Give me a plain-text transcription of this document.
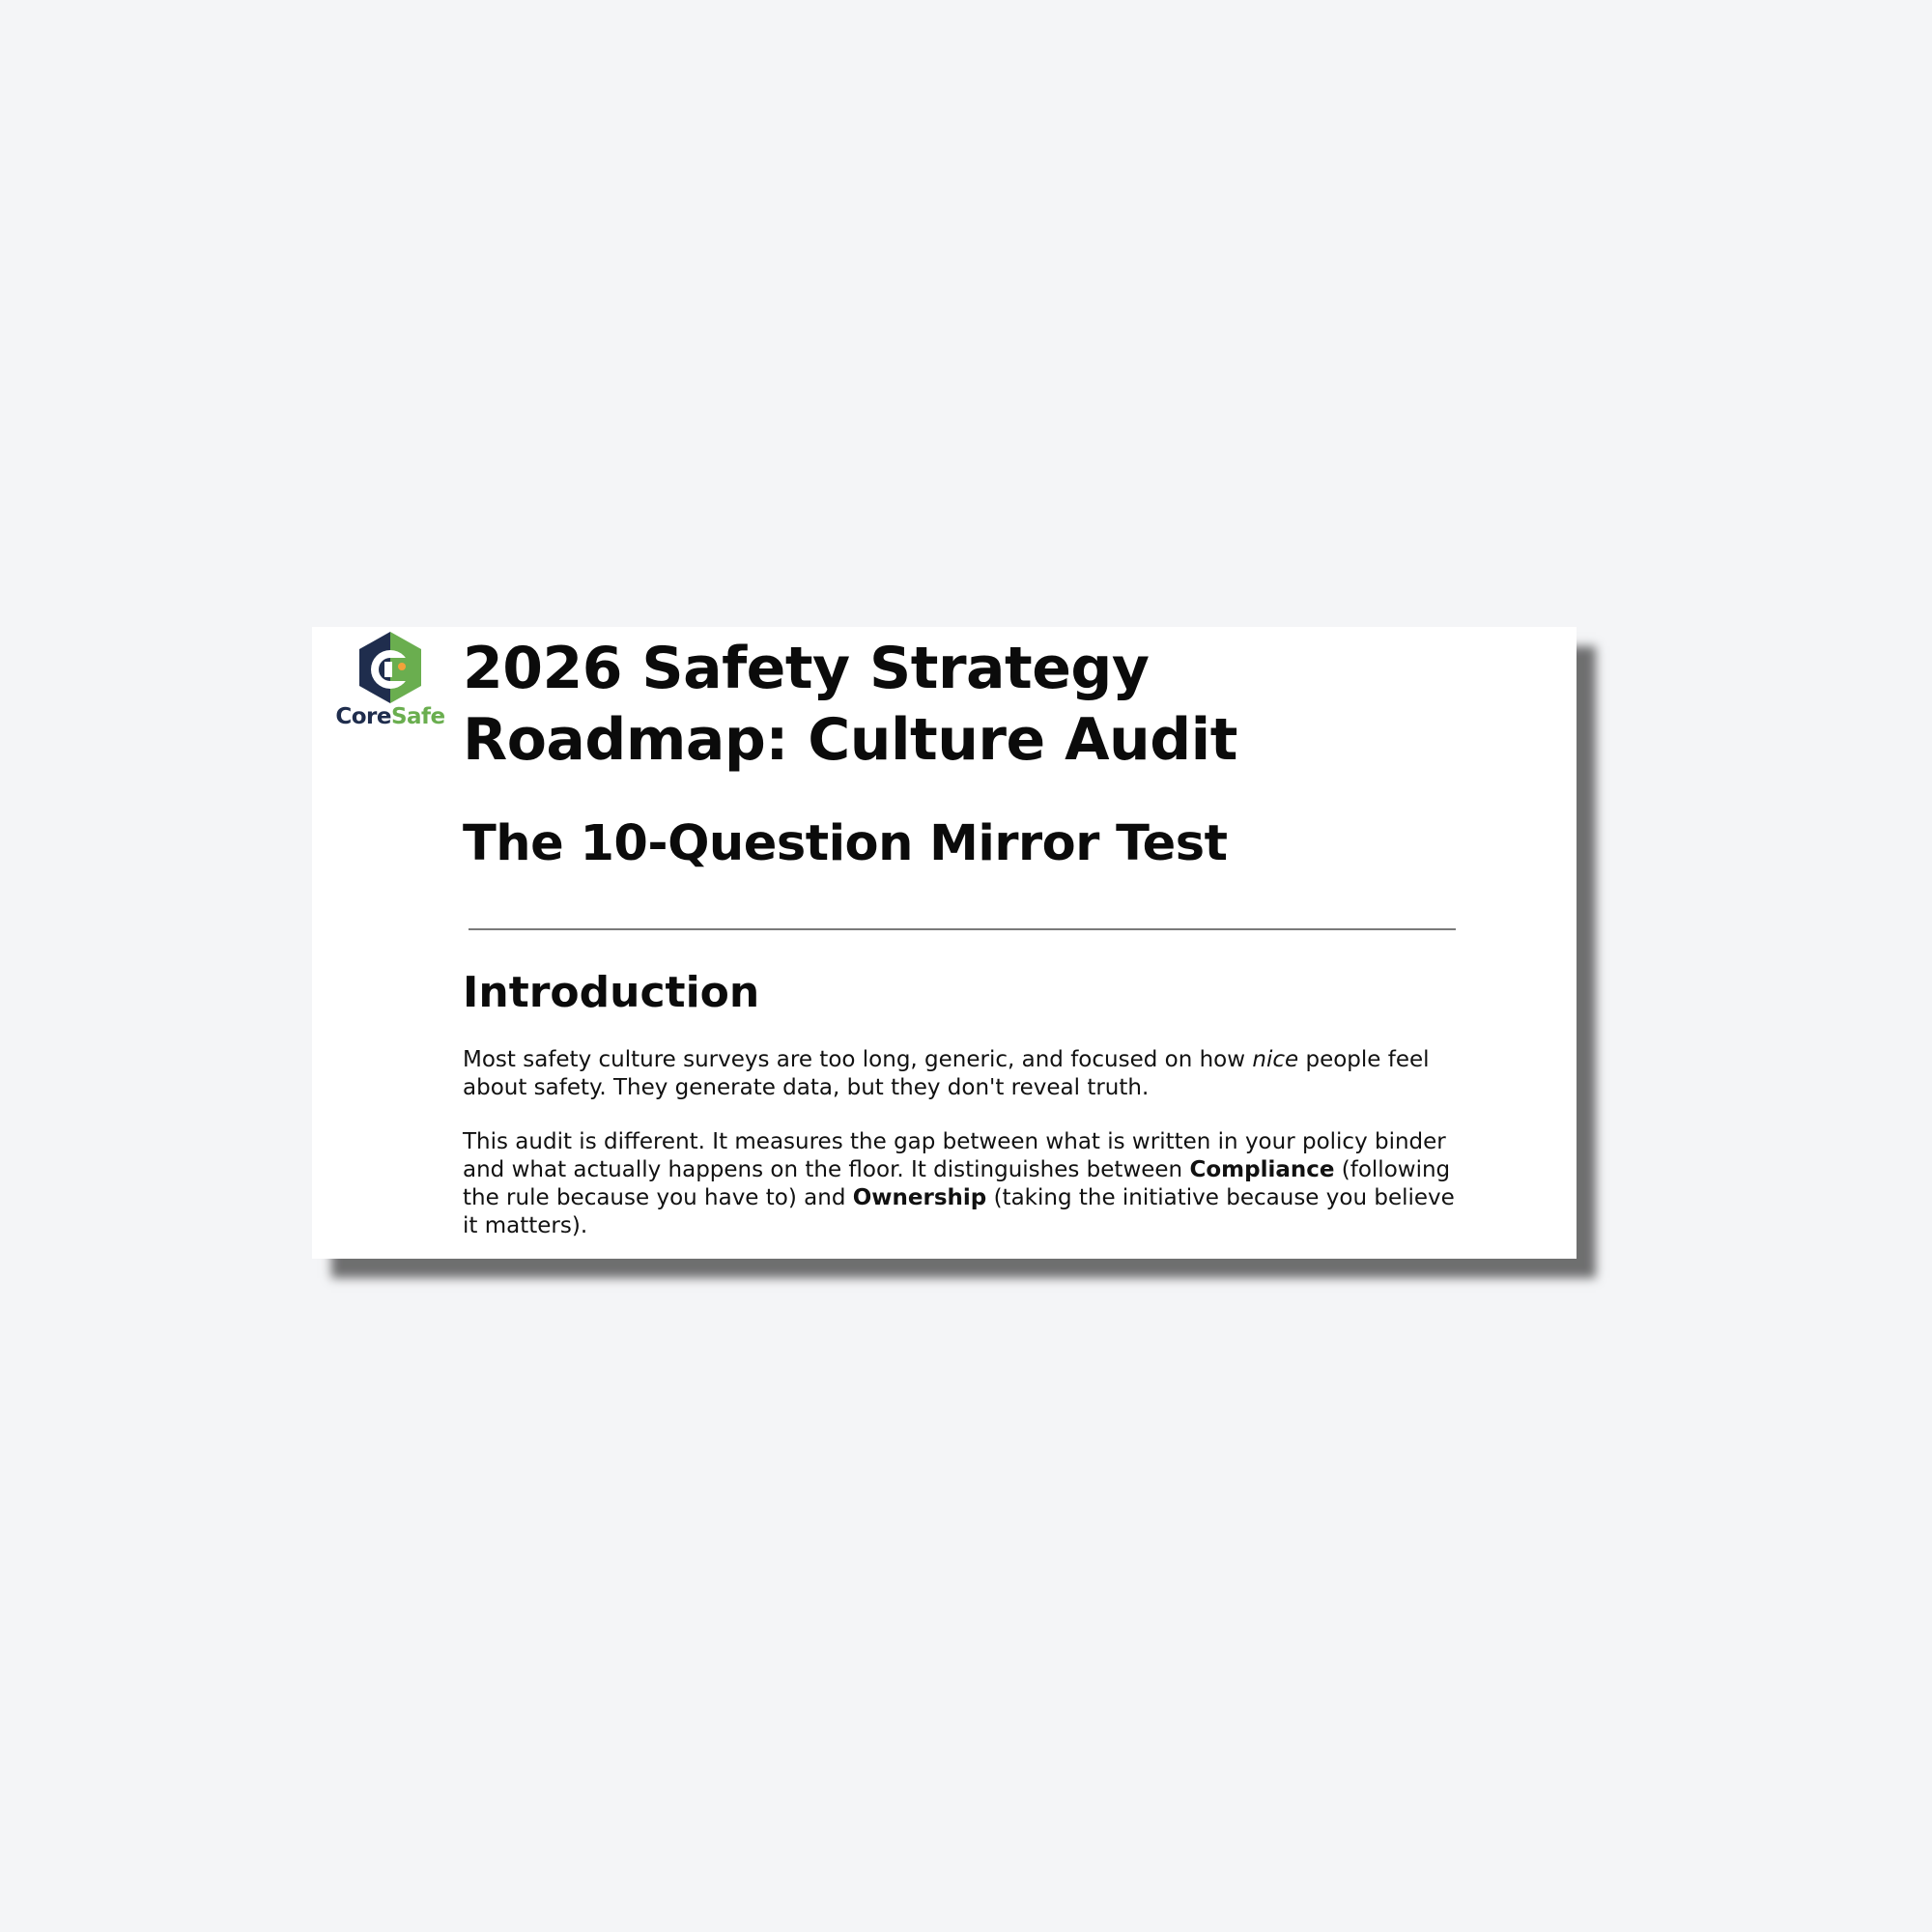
CoreSafe
2026 Safety Strategy Roadmap: Culture Audit
The 10-Question Mirror Test
Introduction

Most safety culture surveys are too long, generic, and focused on how nice people feel about safety. They generate data, but they don't reveal truth.

This audit is different. It measures the gap between what is written in your policy binder and what actually happens on the floor. It distinguishes between Compliance (following the rule because you have to) and Ownership (taking the initiative because you believe it matters).
